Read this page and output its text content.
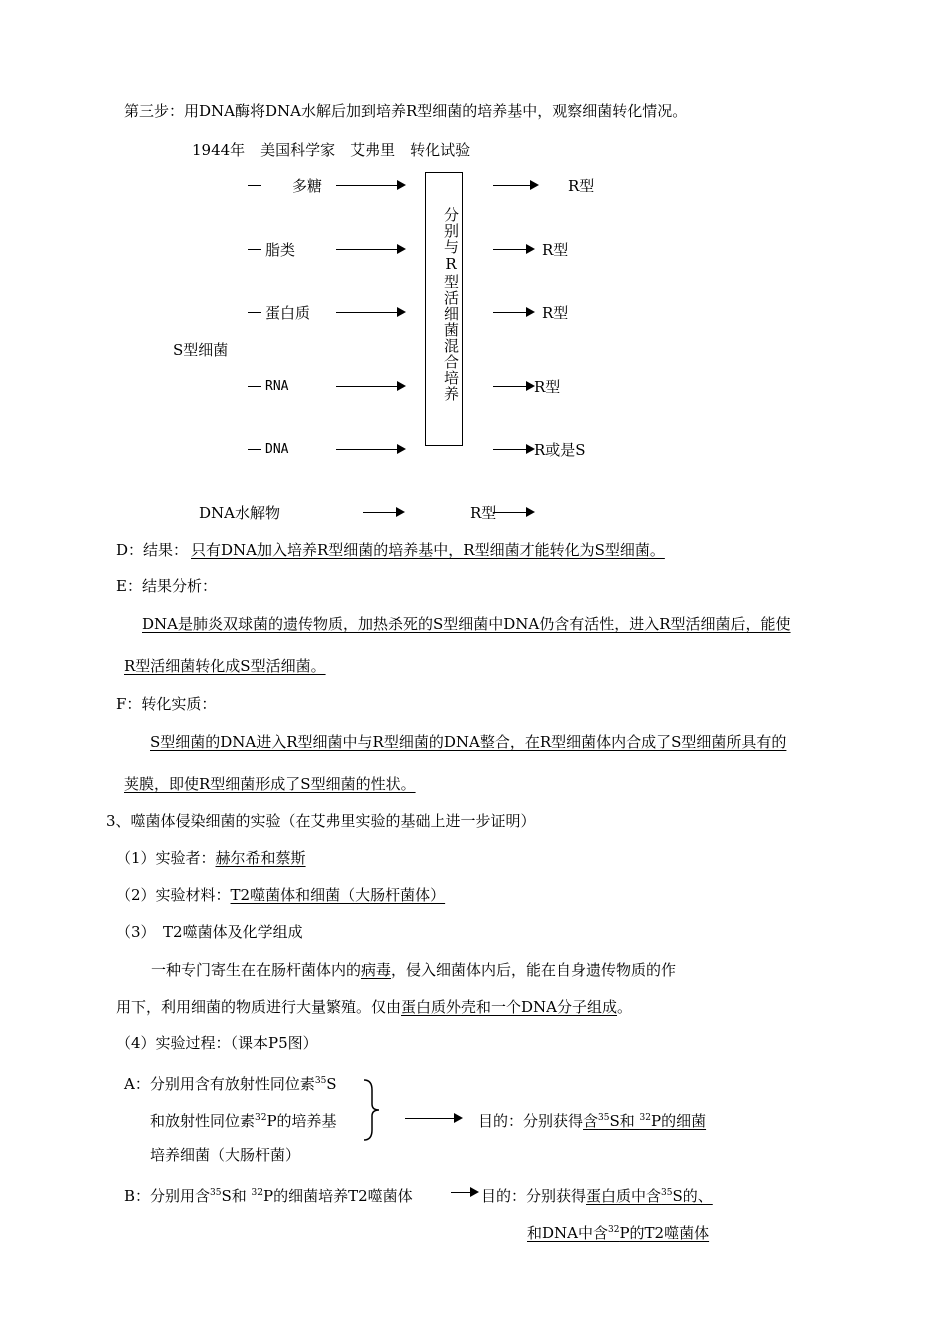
第三步：用DNA酶将DNA水解后加到培养R型细菌的培养基中，观察细菌转化情况。
1944年　美国科学家　艾弗里　转化试验
S型细菌
多糖	R型
脂类	R型
蛋白质	R型
RNA	R型
DNA	R或是S
分别与R型活细菌混合培养
DNA水解物	R型
D：结果： 只有DNA加入培养R型细菌的培养基中，R型细菌才能转化为S型细菌。
E：结果分析：
DNA是肺炎双球菌的遗传物质，加热杀死的S型细菌中DNA仍含有活性，进入R型活细菌后，能使
R型活细菌转化成S型活细菌。
F：转化实质：
S型细菌的DNA进入R型细菌中与R型细菌的DNA整合，在R型细菌体内合成了S型细菌所具有的
荚膜，即使R型细菌形成了S型细菌的性状。
3、噬菌体侵染细菌的实验（在艾弗里实验的基础上进一步证明）
（1）实验者：赫尔希和蔡斯
（2）实验材料：T2噬菌体和细菌（大肠杆菌体）
（3）　T2噬菌体及化学组成
一种专门寄生在在肠杆菌体内的病毒，侵入细菌体内后，能在自身遗传物质的作
用下，利用细菌的物质进行大量繁殖。仅由蛋白质外壳和一个DNA分子组成。
（4）实验过程：（课本P5图）
A：分别用含有放射性同位素$^{35}$S
和放射性同位素$^{32}$P的培养基
培养细菌（大肠杆菌）
目的：分别获得含$^{35}$S和 $^{32}$P的细菌
B：分别用含$^{35}$S和 $^{32}$P的细菌培养T2噬菌体	目的：分别获得蛋白质中含$^{35}$S的、
和DNA中含$^{32}$P的T2噬菌体
